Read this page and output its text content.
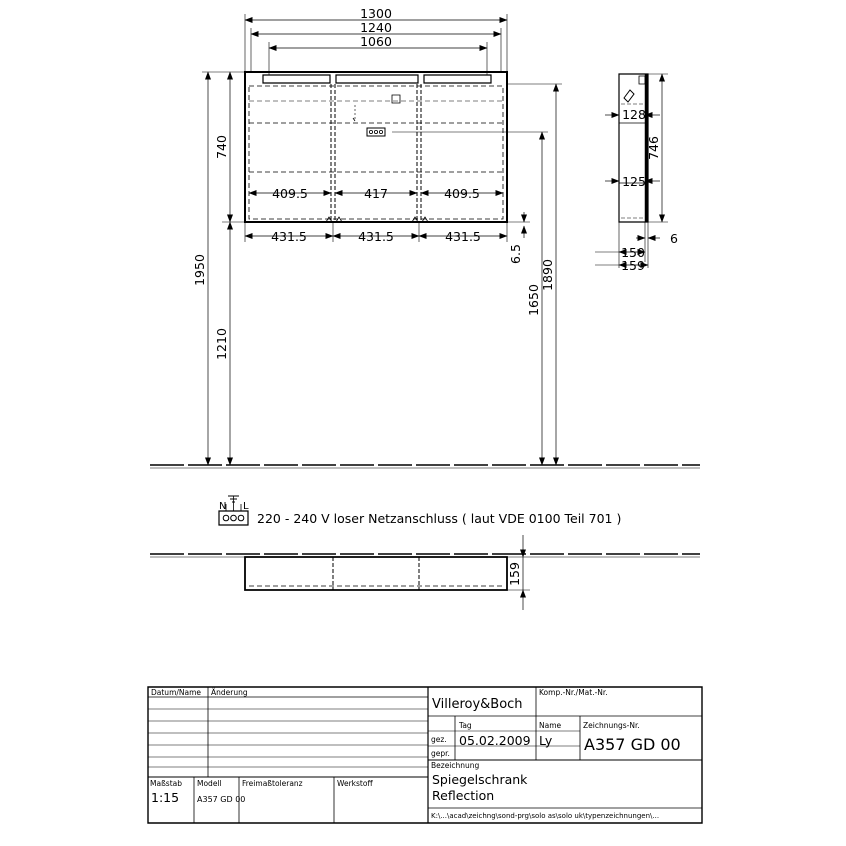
1300
1240
1060
409.5	417	409.5
431.5	431.5	431.5
740
1950
1210
6.5
1650
1890
128
125
746
150
159
6
N L
220 - 240 V loser Netzanschluss ( laut VDE 0100 Teil 701 )
159
Datum/Name Änderung
Villeroy&Boch
Komp.-Nr./Mat.-Nr.
Tag	Name	Zeichnungs-Nr.
gez.
gepr.
05.02.2009 Ly A357 GD 00
Bezeichnung
Spiegelschrank
Reflection
Maßstab
1:15
Modell
A357 GD 00
Freimaßtoleranz	Werkstoff
K:\...\acad\zeichng\sond-prg\solo as\solo uk\typenzeichnungen\...
